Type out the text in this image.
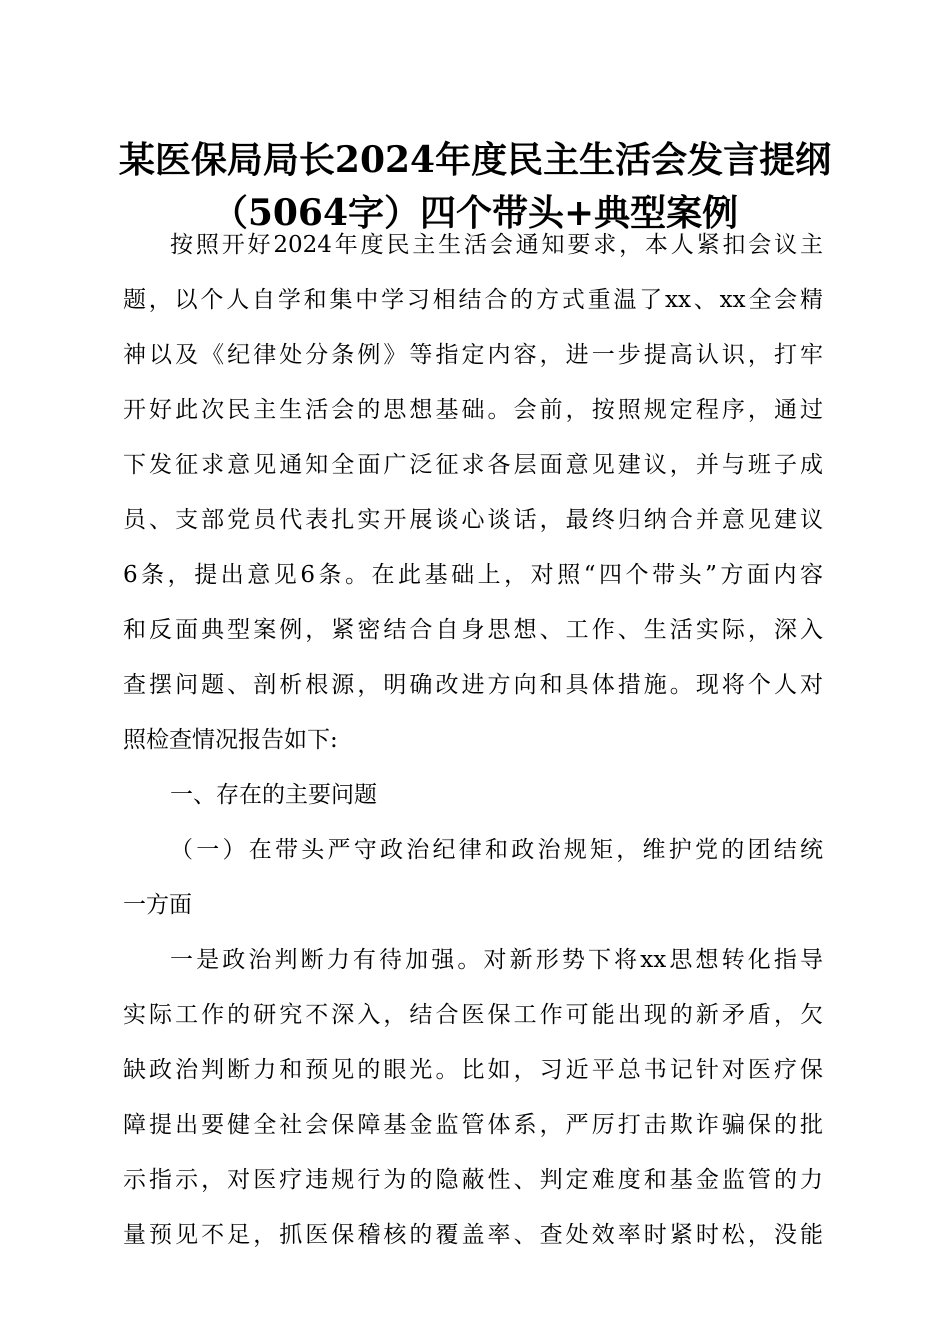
某医保局局长2024年度民主生活会发言提纲
（5064字）四个带头+典型案例
按照开好2024年度民主生活会通知要求，本人紧扣会议主
题，以个人自学和集中学习相结合的方式重温了xx、xx全会精
神以及《纪律处分条例》等指定内容，进一步提高认识，打牢
开好此次民主生活会的思想基础。会前，按照规定程序，通过
下发征求意见通知全面广泛征求各层面意见建议，并与班子成
员、支部党员代表扎实开展谈心谈话，最终归纳合并意见建议
6条，提出意见6条。在此基础上，对照“四个带头”方面内容
和反面典型案例，紧密结合自身思想、工作、生活实际，深入
查摆问题、剖析根源，明确改进方向和具体措施。现将个人对
照检查情况报告如下:
一、存在的主要问题
（一）在带头严守政治纪律和政治规矩，维护党的团结统
一方面
一是政治判断力有待加强。对新形势下将xx思想转化指导
实际工作的研究不深入，结合医保工作可能出现的新矛盾，欠
缺政治判断力和预见的眼光。比如，习近平总书记针对医疗保
障提出要健全社会保障基金监管体系，严厉打击欺诈骗保的批
示指示，对医疗违规行为的隐蔽性、判定难度和基金监管的力
量预见不足，抓医保稽核的覆盖率、查处效率时紧时松，没能
